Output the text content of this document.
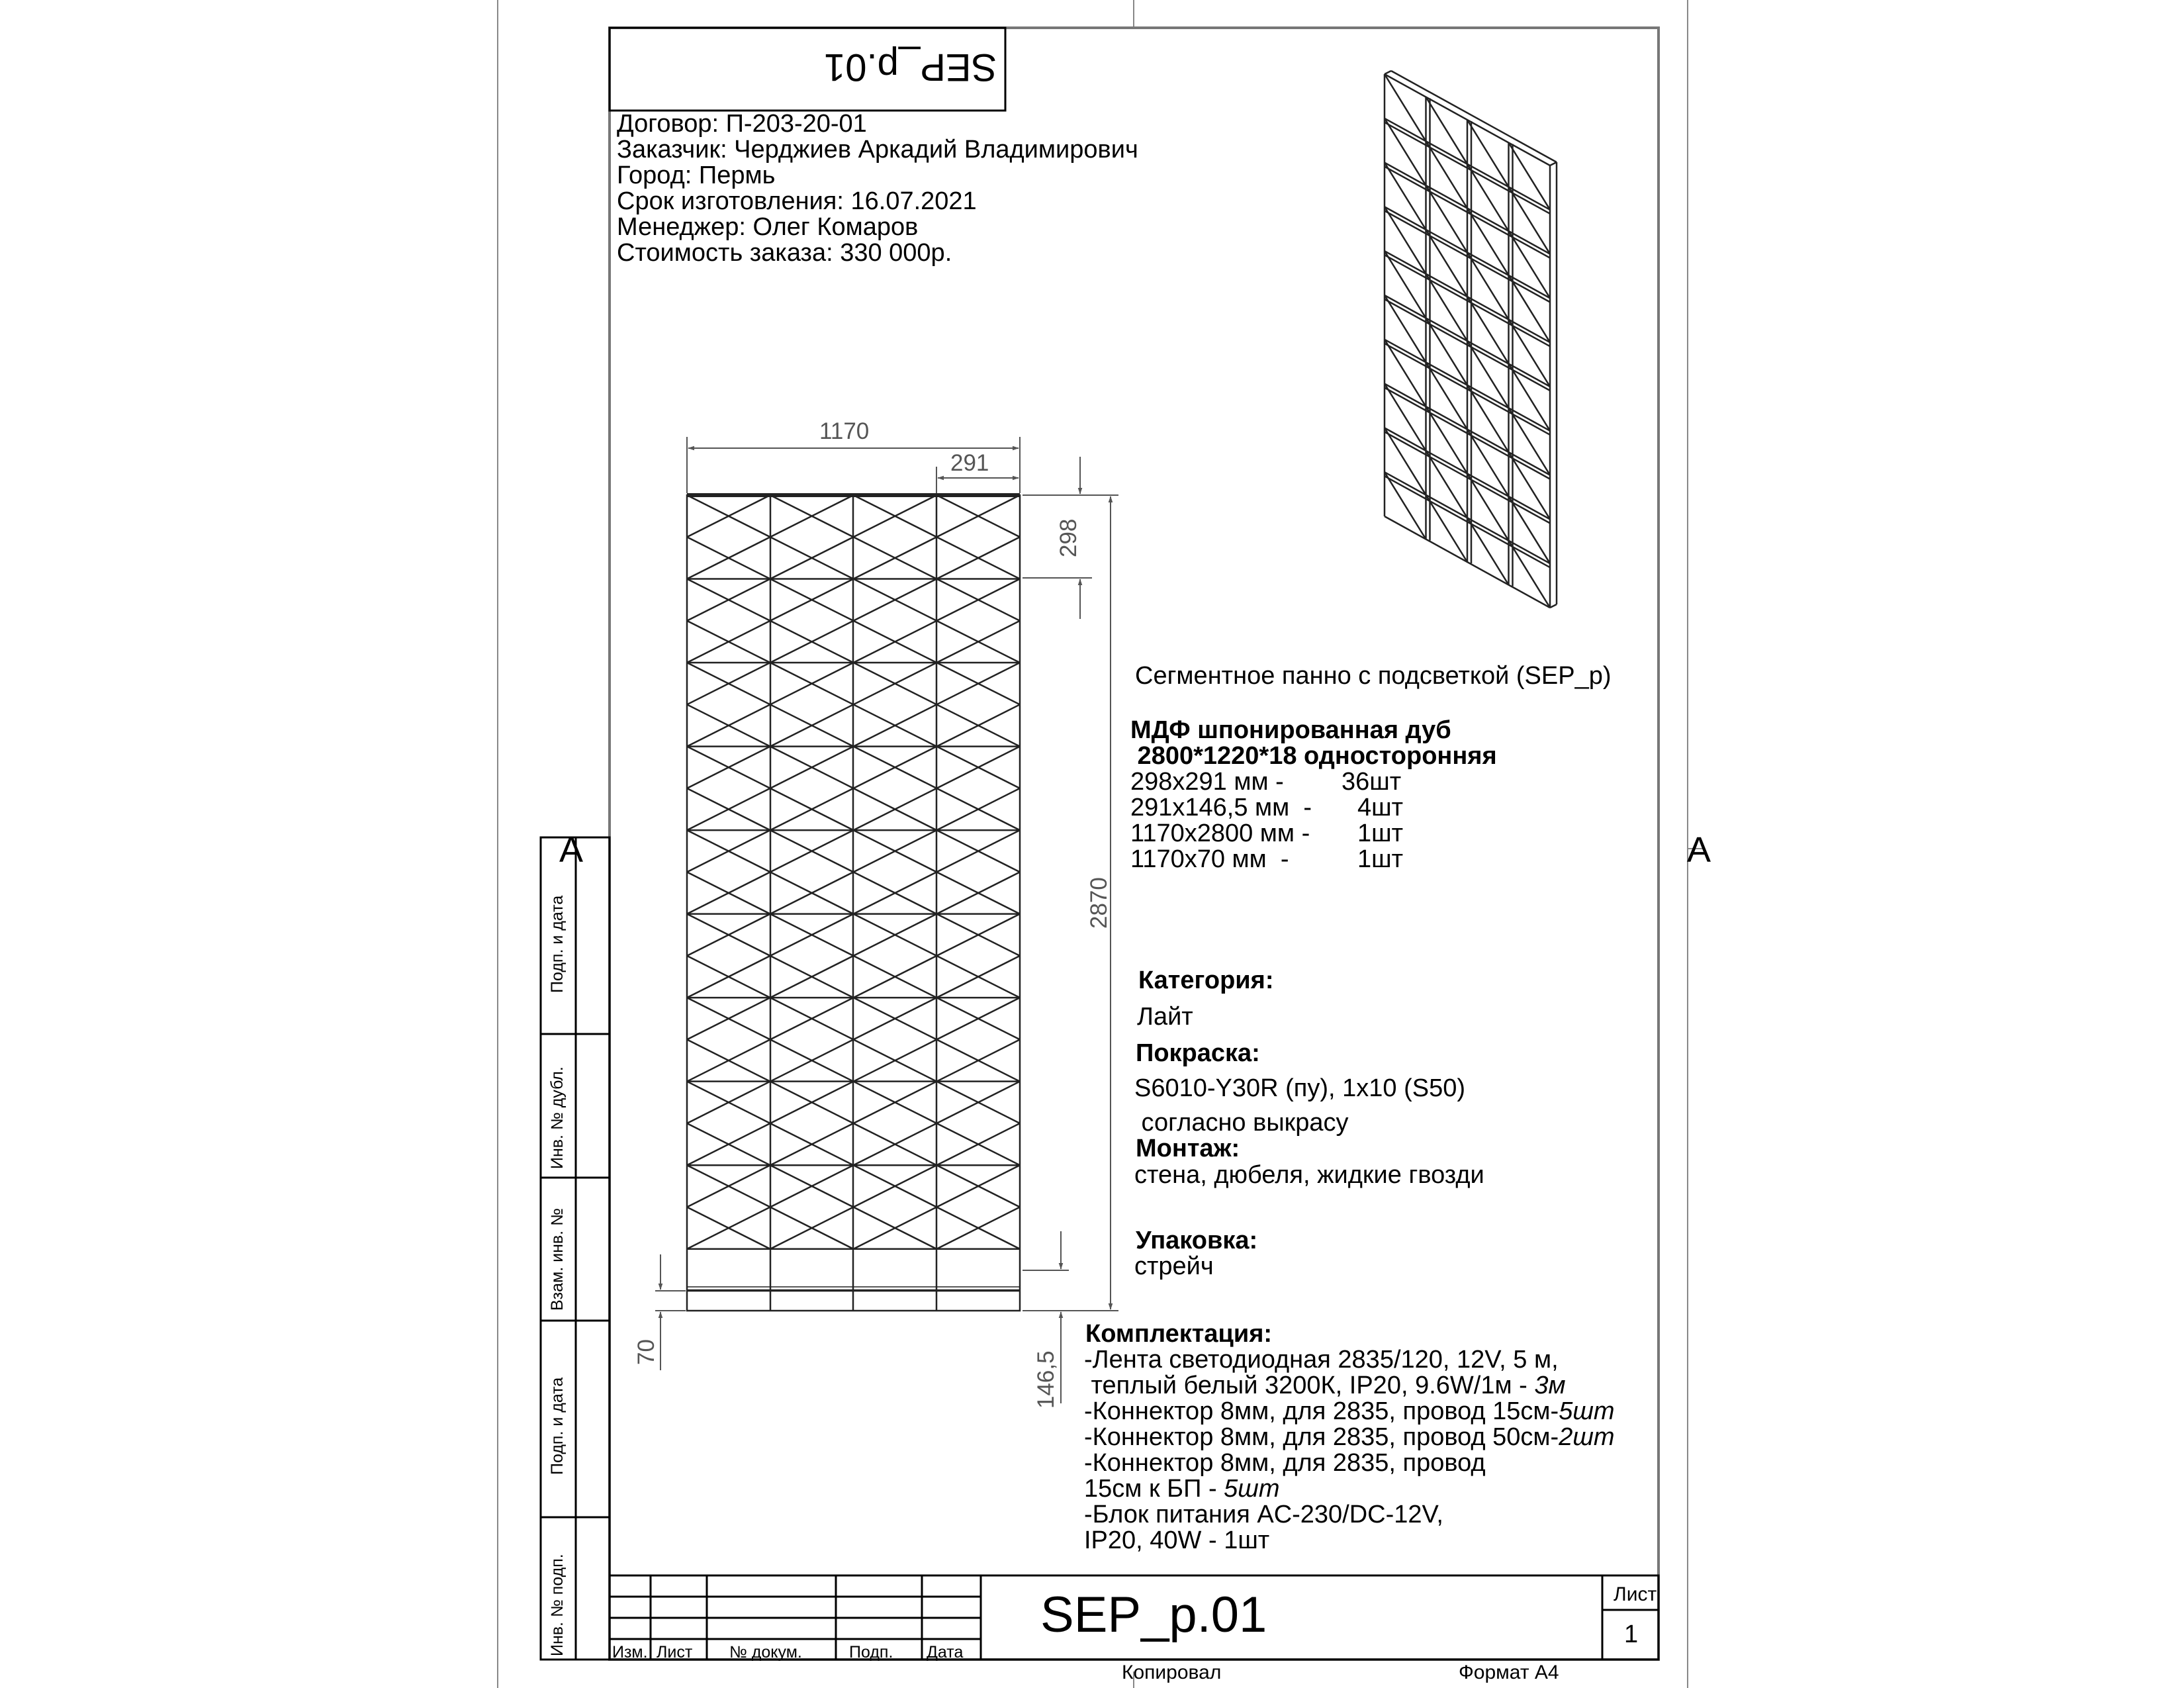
SEP_p.01
Договор: П-203-20-01
Заказчик: Черджиев Аркадий Владимирович
Город: Пермь
Срок изготовления: 16.07.2021
Менеджер: Олег Комаров
Стоимость заказа: 330 000р.
1170
291
298
2870
70	146,5
A	A
Сегментное панно с подсветкой (SEP_p)
МДФ шпонированная дуб
2800*1220*18 односторонняя
298x291 мм - 36шт
291x146,5 мм  - 4шт
1170x2800 мм - 1шт
1170x70 мм  -	1шт
Категория:
Лайт
Покраска:
S6010-Y30R (пу), 1x10 (S50)
согласно выкрасу
Монтаж:
стена, дюбеля, жидкие гвозди
Упаковка:
стрейч
Комплектация:
-Лента светодиодная 2835/120, 12V, 5 м,
теплый белый 3200К, IP20, 9.6W/1м - 3м
-Коннектор 8мм, для 2835, провод 15см-5шт
-Коннектор 8мм, для 2835, провод 50см-2шт
-Коннектор 8мм, для 2835, провод
15см к БП - 5шт
-Блок питания AC-230/DC-12V,
IP20, 40W - 1шт
Подп. и дата
Инв. № дубл.
Взам. инв. №
Подп. и дата
Инв. № подп.	Изм. Лист № докум.	Подп. Дата
SEP_p.01	Лист
1
Копировал	Формат А4
